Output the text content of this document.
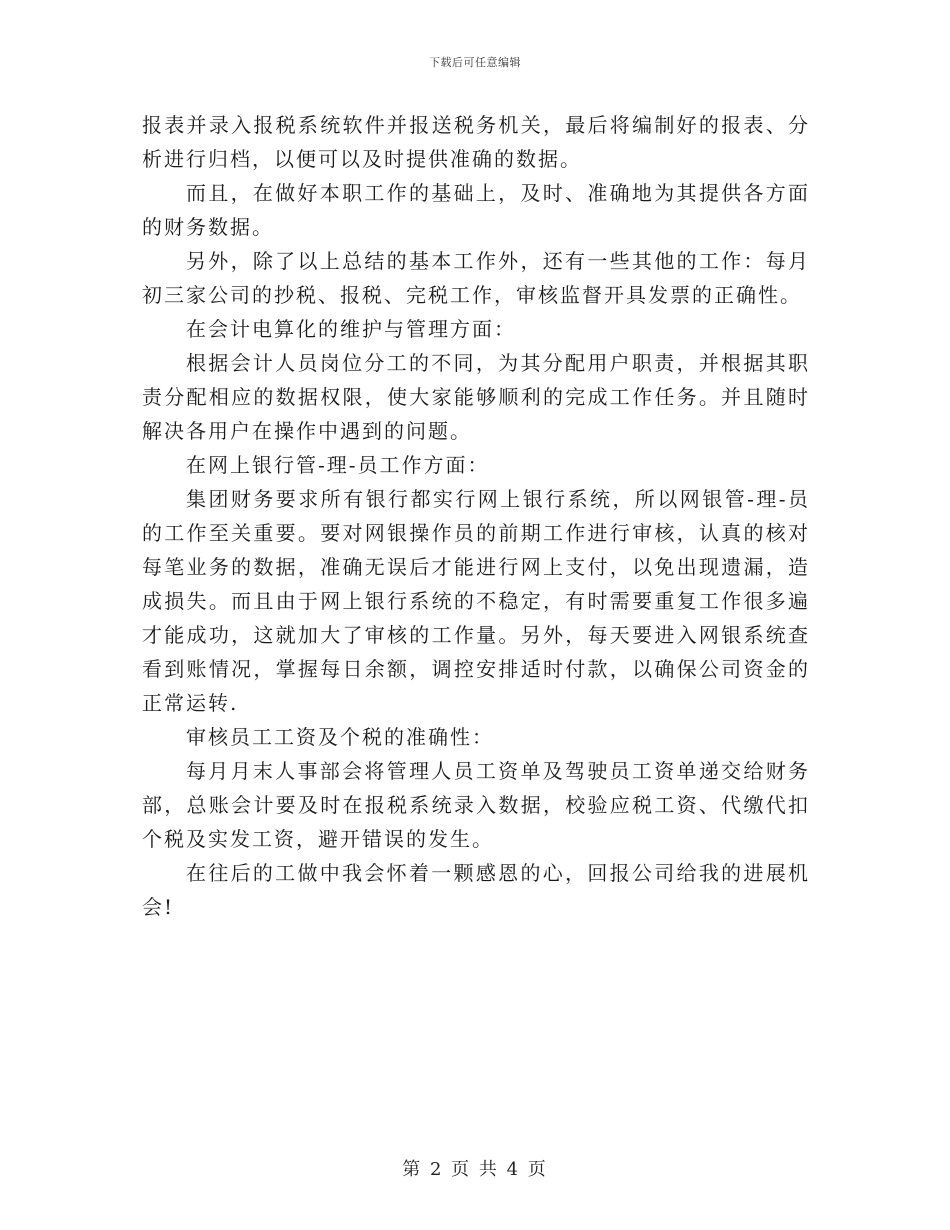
下载后可任意编辑

报表并录入报税系统软件并报送税务机关，最后将编制好的报表、分析进行归档，以便可以及时提供准确的数据。

而且，在做好本职工作的基础上，及时、准确地为其提供各方面的财务数据。

另外，除了以上总结的基本工作外，还有一些其他的工作：每月初三家公司的抄税、报税、完税工作，审核监督开具发票的正确性。

在会计电算化的维护与管理方面：

根据会计人员岗位分工的不同，为其分配用户职责，并根据其职责分配相应的数据权限，使大家能够顺利的完成工作任务。并且随时解决各用户在操作中遇到的问题。

在网上银行管-理-员工作方面：

集团财务要求所有银行都实行网上银行系统，所以网银管-理-员的工作至关重要。要对网银操作员的前期工作进行审核，认真的核对每笔业务的数据，准确无误后才能进行网上支付，以免出现遗漏，造成损失。而且由于网上银行系统的不稳定，有时需要重复工作很多遍才能成功，这就加大了审核的工作量。另外，每天要进入网银系统查看到账情况，掌握每日余额，调控安排适时付款，以确保公司资金的正常运转.

审核员工工资及个税的准确性：

每月月末人事部会将管理人员工资单及驾驶员工资单递交给财务部，总账会计要及时在报税系统录入数据，校验应税工资、代缴代扣个税及实发工资，避开错误的发生。

在往后的工做中我会怀着一颗感恩的心，回报公司给我的进展机会!

第 2 页 共 4 页
